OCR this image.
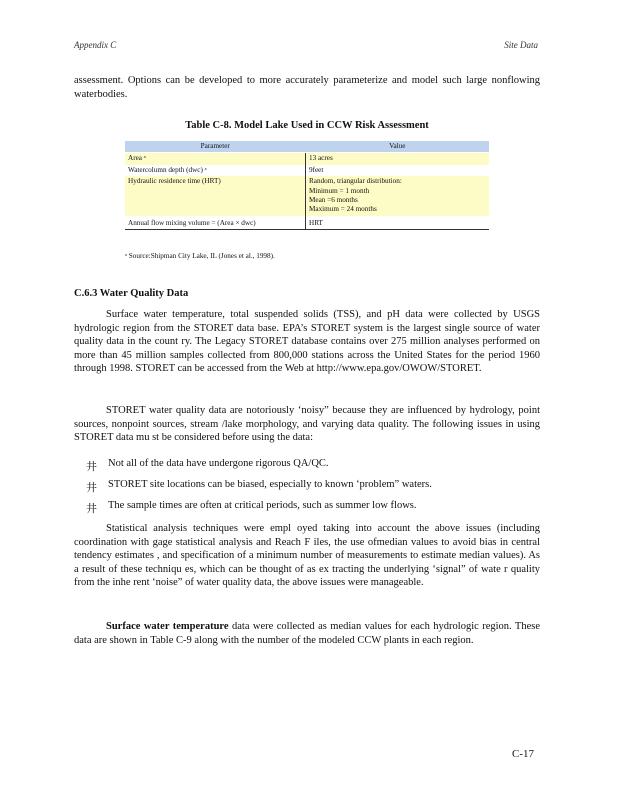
Appendix C	Site Data

assessment. Options can be developed to more accurately parameterize and model such large nonflowing waterbodies.

Table C-8. Model Lake Used in CCW Risk Assessment
Parameter	Value
Area ᵃ	13 acres
Watercolumn depth (dwc) ᵃ	9feet
Hydraulic residence time (HRT)	Random, triangular distribution:
Minimum = 1 month
Mean =6 months
Maximum = 24 months

Annual flow mixing volume = (Area × dwc)	HRT
ᵃ Source:Shipman City Lake, IL (Jones et al., 1998).
C.6.3 Water Quality Data

Surface water temperature, total suspended solids (TSS), and pH data were collected by USGS hydrologic region from the STORET data base. EPA’s STORET system is the largest single source of water quality data in the count ry. The Legacy STORET database contains over 275 million analyses performed on more than 45 million samples collected from 800,000 stations across the United States for the period 1960 through 1998. STORET can be accessed from the Web at http://www.epa.gov/OWOW/STORET.

STORET water quality data are notoriously ‘noisy” because they are influenced by hydrology, point sources, nonpoint sources, stream /lake morphology, and varying data quality. The following issues in using STORET data mu st be considered before using the data:

井	Not all of the data have undergone rigorous QA/QC.
井	STORET site locations can be biased, especially to known ‘problem” waters.
井	The sample times are often at critical periods, such as summer low flows.

Statistical analysis techniques were empl oyed taking into account the above issues (including coordination with gage statistical analysis and Reach F iles, the use ofmedian values to avoid bias in central tendency estimates , and specification of a minimum number of measurements to estimate median values). As a result of these techniqu es, which can be thought of as ex tracting the underlying ‘signal” of wate r quality from the inhe rent ‘noise” of water quality data, the above issues were manageable.

Surface water temperature data were collected as median values for each hydrologic region. These data are shown in Table C-9 along with the number of the modeled CCW plants in each region.

C-17
